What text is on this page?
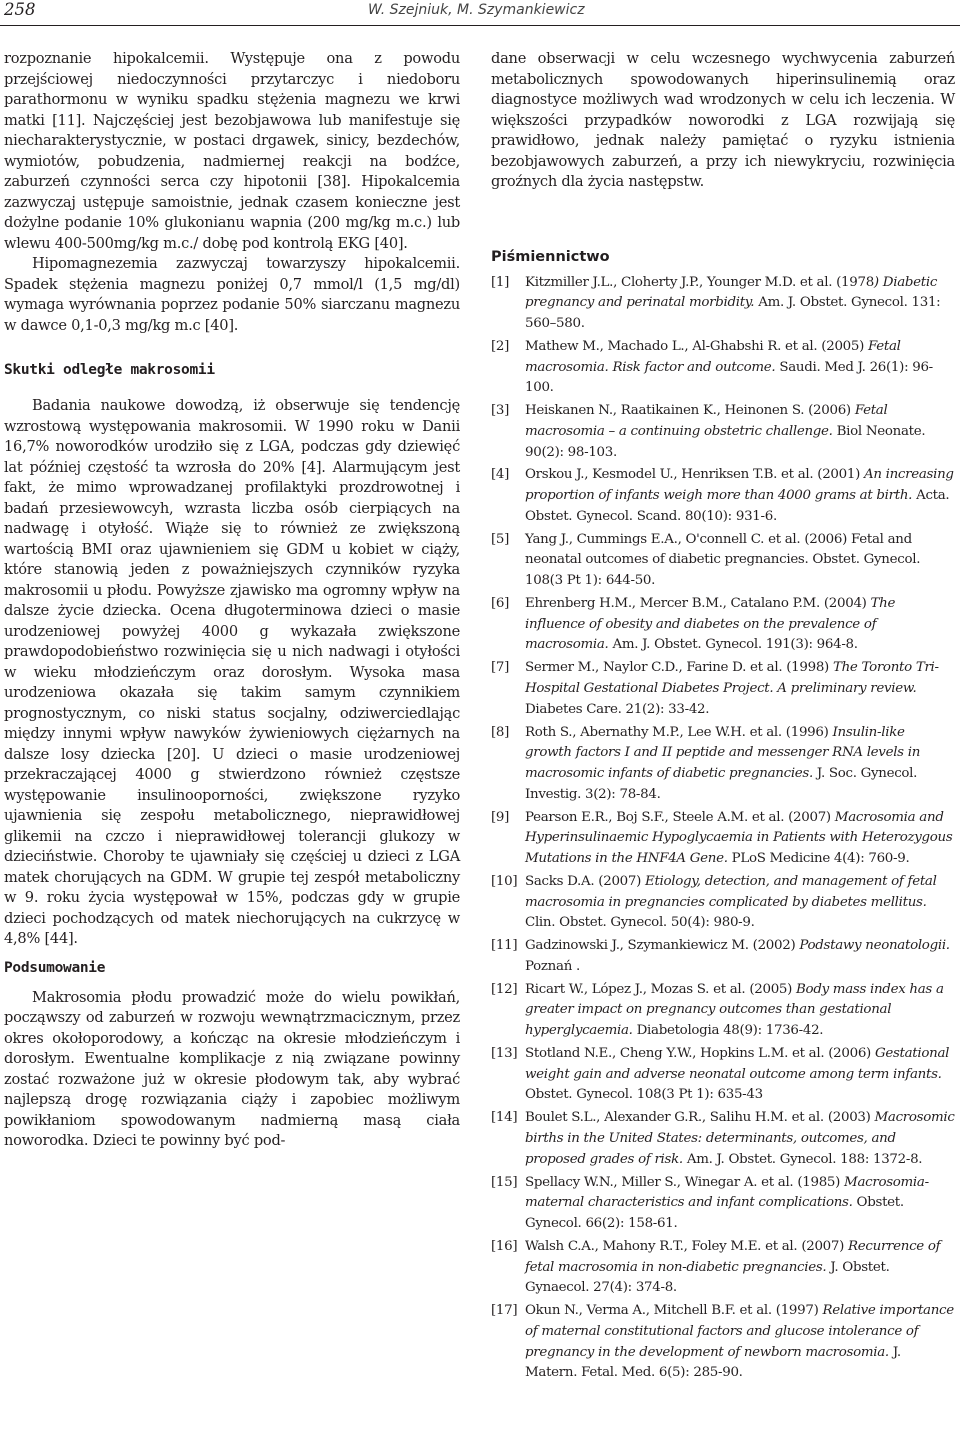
258	W. Szejniuk, M. Szymankiewicz

rozpoznanie hipokalcemii. Występuje ona z powodu przejściowej niedoczynności przytarczyc i niedoboru parathormonu w wyniku spadku stężenia magnezu we krwi matki [11]. Najczęściej jest bezobjawowa lub manifestuje się niecharakterystycznie, w postaci drgawek, sinicy, bezdechów, wymiotów, pobudzenia, nadmiernej reakcji na bodźce, zaburzeń czynności serca czy hipotonii [38]. Hipokalcemia zazwyczaj ustępuje samoistnie, jednak czasem konieczne jest dożylne podanie 10% glukonianu wapnia (200 mg/kg m.c.) lub wlewu 400-500mg/kg m.c./ dobę pod kontrolą EKG [40].

Hipomagnezemia zazwyczaj towarzyszy hipokalcemii. Spadek stężenia magnezu poniżej 0,7 mmol/l (1,5 mg/dl) wymaga wyrównania poprzez podanie 50% siarczanu magnezu w dawce 0,1-0,3 mg/kg m.c [40].

Skutki odległe makrosomii

Badania naukowe dowodzą, iż obserwuje się tendencję wzrostową występowania makrosomii. W 1990 roku w Danii 16,7% noworodków urodziło się z LGA, podczas gdy dziewięć lat później częstość ta wzrosła do 20% [4]. Alarmującym jest fakt, że mimo wprowadzanej profilaktyki prozdrowotnej i badań przesiewowcyh, wzrasta liczba osób cierpiących na nadwagę i otyłość. Wiąże się to również ze zwiększoną wartością BMI oraz ujawnieniem się GDM u kobiet w ciąży, które stanowią jeden z poważniejszych czynników ryzyka makrosomii u płodu. Powyższe zjawisko ma ogromny wpływ na dalsze życie dziecka. Ocena długoterminowa dzieci o masie urodzeniowej powyżej 4000 g wykazała zwiększone prawdopodobieństwo rozwinięcia się u nich nadwagi i otyłości w wieku młodzieńczym oraz dorosłym. Wysoka masa urodzeniowa okazała się takim samym czynnikiem prognostycznym, co niski status socjalny, odziwerciedlając między innymi wpływ nawyków żywieniowych ciężarnych na dalsze losy dziecka [20]. U dzieci o masie urodzeniowej przekraczającej 4000 g stwierdzono również częstsze występowanie insulinooporności, zwiększone ryzyko ujawnienia się zespołu metabolicznego, nieprawidłowej glikemii na czczo i nieprawidłowej tolerancji glukozy w dzieciństwie. Choroby te ujawniały się częściej u dzieci z LGA matek chorujących na GDM. W grupie tej zespół metaboliczny w 9. roku życia występował w 15%, podczas gdy w grupie dzieci pochodzących od matek niechorujących na cukrzycę w 4,8% [44].

Podsumowanie

Makrosomia płodu prowadzić może do wielu powikłań, począwszy od zaburzeń w rozwoju wewnątrzmacicznym, przez okres okołoporodowy, a kończąc na okresie młodzieńczym i dorosłym. Ewentualne komplikacje z nią związane powinny zostać rozważone już w okresie płodowym tak, aby wybrać najlepszą drogę rozwiązania ciąży i zapobiec możliwym powikłaniom spowodowanym nadmierną masą ciała noworodka. Dzieci te powinny być pod-

dane obserwacji w celu wczesnego wychwycenia zaburzeń metabolicznych spowodowanych hiperinsulinemią oraz diagnostyce możliwych wad wrodzonych w celu ich leczenia. W większości przypadków noworodki z LGA rozwijają się prawidłowo, jednak należy pamiętać o ryzyku istnienia bezobjawowych zaburzeń, a przy ich niewykryciu, rozwinięcia groźnych dla życia następstw.

Piśmiennictwo
[1]	Kitzmiller J.L., Cloherty J.P., Younger M.D. et al. (1978) Diabetic pregnancy and perinatal morbidity. Am. J. Obstet. Gynecol. 131: 560–580.
[2]	Mathew M., Machado L., Al-Ghabshi R. et al. (2005) Fetal macrosomia. Risk factor and outcome. Saudi. Med J. 26(1): 96-100.
[3]	Heiskanen N., Raatikainen K., Heinonen S. (2006) Fetal macrosomia – a continuing obstetric challenge. Biol Neonate. 90(2): 98-103.
[4]	Orskou J., Kesmodel U., Henriksen T.B. et al. (2001) An increasing proportion of infants weigh more than 4000 grams at birth. Acta. Obstet. Gynecol. Scand. 80(10): 931-6.
[5]	Yang J., Cummings E.A., O'connell C. et al. (2006) Fetal and neonatal outcomes of diabetic pregnancies. Obstet. Gynecol. 108(3 Pt 1): 644-50.
[6]	Ehrenberg H.M., Mercer B.M., Catalano P.M. (2004) The influence of obesity and diabetes on the prevalence of macrosomia. Am. J. Obstet. Gynecol. 191(3): 964-8.
[7]	Sermer M., Naylor C.D., Farine D. et al. (1998) The Toronto Tri-Hospital Gestational Diabetes Project. A preliminary review. Diabetes Care. 21(2): 33-42.
[8]	Roth S., Abernathy M.P., Lee W.H. et al. (1996) Insulin-like growth factors I and II peptide and messenger RNA levels in macrosomic infants of diabetic pregnancies. J. Soc. Gynecol. Investig. 3(2): 78-84.
[9]	Pearson E.R., Boj S.F., Steele A.M. et al. (2007) Macrosomia and Hyperinsulinaemic Hypoglycaemia in Patients with Heterozygous Mutations in the HNF4A Gene. PLoS Medicine 4(4): 760-9.
[10] Sacks D.A. (2007) Etiology, detection, and management of fetal macrosomia in pregnancies complicated by diabetes mellitus. Clin. Obstet. Gynecol. 50(4): 980-9.
[11] Gadzinowski J., Szymankiewicz M. (2002) Podstawy neonatologii. Poznań .
[12] Ricart W., López J., Mozas S. et al. (2005) Body mass index has a greater impact on pregnancy outcomes than gestational hyperglycaemia. Diabetologia 48(9): 1736-42.
[13] Stotland N.E., Cheng Y.W., Hopkins L.M. et al. (2006) Gestational weight gain and adverse neonatal outcome among term infants. Obstet. Gynecol. 108(3 Pt 1): 635-43
[14] Boulet S.L., Alexander G.R., Salihu H.M. et al. (2003) Macrosomic births in the United States: determinants, outcomes, and proposed grades of risk. Am. J. Obstet. Gynecol. 188: 1372-8.
[15] Spellacy W.N., Miller S., Winegar A. et al. (1985) Macrosomia-maternal characteristics and infant complications. Obstet. Gynecol. 66(2): 158-61.
[16] Walsh C.A., Mahony R.T., Foley M.E. et al. (2007) Recurrence of fetal macrosomia in non-diabetic pregnancies. J. Obstet. Gynaecol. 27(4): 374-8.
[17] Okun N., Verma A., Mitchell B.F. et al. (1997) Relative importance of maternal constitutional factors and glucose intolerance of pregnancy in the development of newborn macrosomia. J. Matern. Fetal. Med. 6(5): 285-90.
